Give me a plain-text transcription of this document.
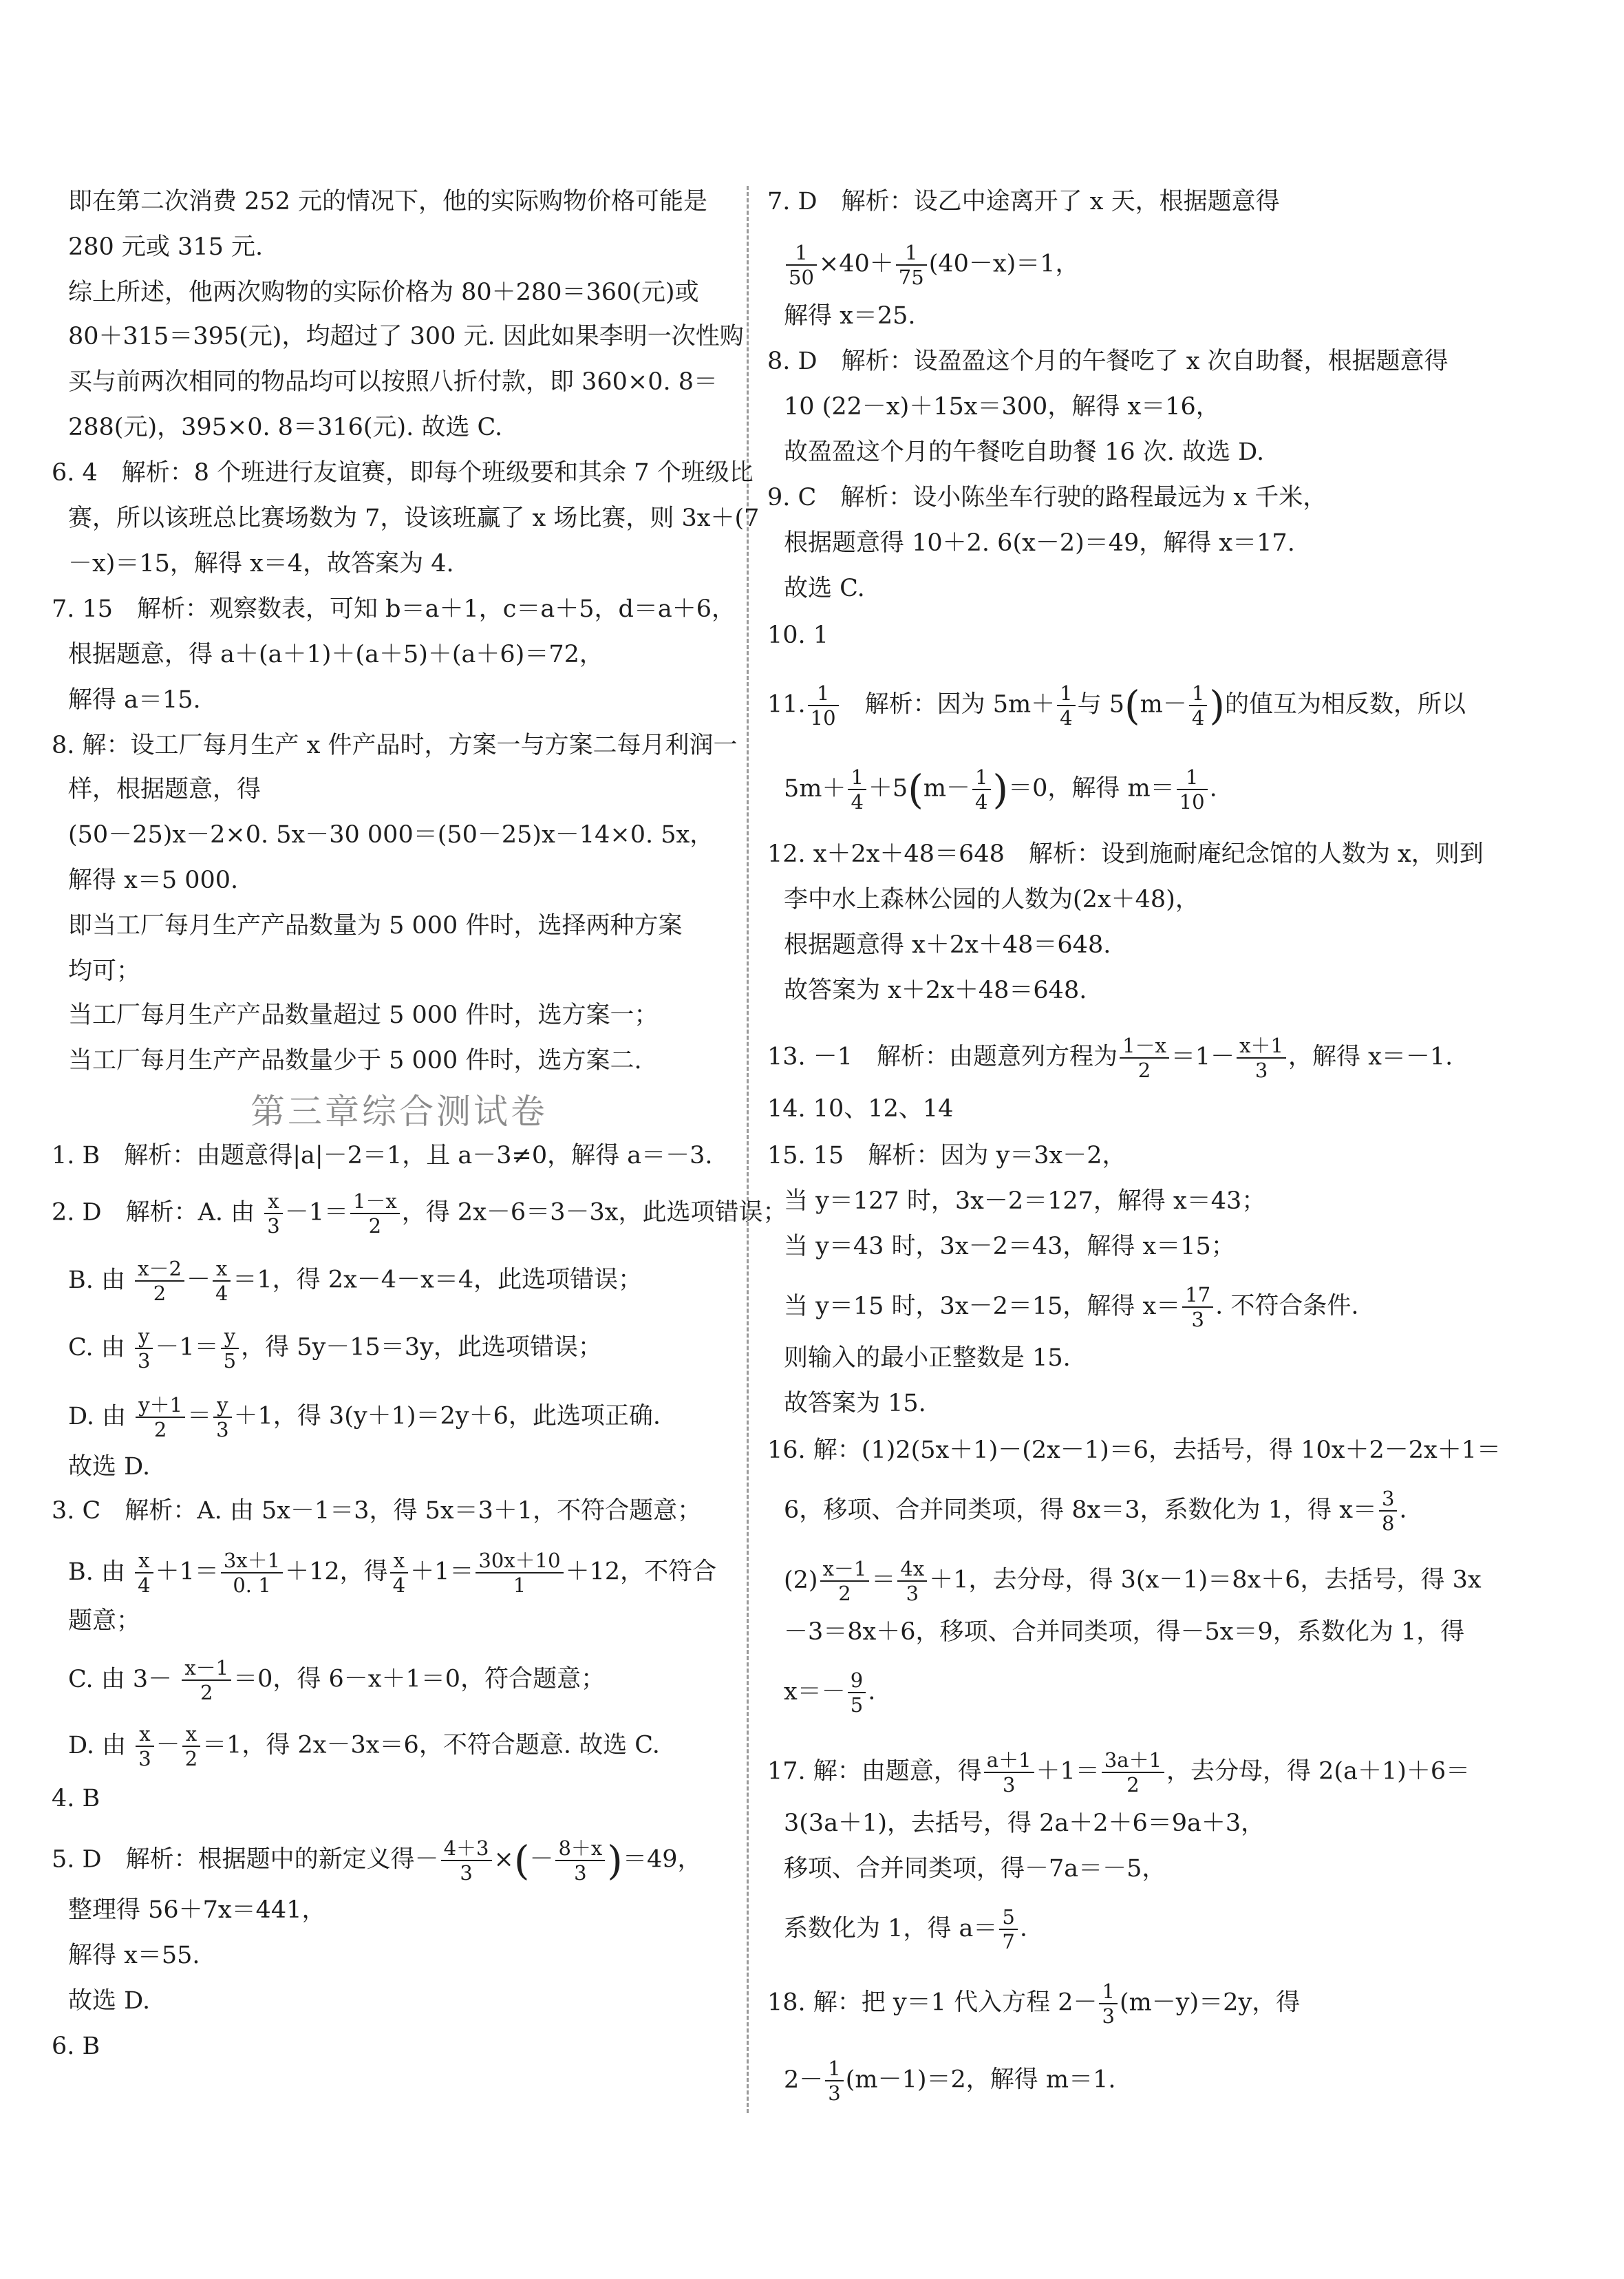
即在第二次消费 252 元的情况下，他的实际购物价格可能是
280 元或 315 元.
综上所述，他两次购物的实际价格为 80＋280＝360(元)或
80＋315＝395(元)，均超过了 300 元. 因此如果李明一次性购
买与前两次相同的物品均可以按照八折付款，即 360×0. 8＝
288(元)，395×0. 8＝316(元). 故选 C.
6. 4　解析：8 个班进行友谊赛，即每个班级要和其余 7 个班级比
赛，所以该班总比赛场数为 7，设该班赢了 x 场比赛，则 3x＋(7
－x)＝15，解得 x＝4，故答案为 4.
7. 15　解析：观察数表，可知 b＝a＋1，c＝a＋5，d＝a＋6，
根据题意，得 a＋(a＋1)＋(a＋5)＋(a＋6)＝72，
解得 a＝15.
8. 解：设工厂每月生产 x 件产品时，方案一与方案二每月利润一
样，根据题意，得
(50－25)x－2×0. 5x－30 000＝(50－25)x－14×0. 5x，
解得 x＝5 000.
即当工厂每月生产产品数量为 5 000 件时，选择两种方案
均可；
当工厂每月生产产品数量超过 5 000 件时，选方案一；
当工厂每月生产产品数量少于 5 000 件时，选方案二.
第三章综合测试卷
1. B　解析：由题意得|a|－2＝1，且 a－3≠0，解得 a＝－3.
2. D　解析：A. 由 $\frac{x}{3} -1= \frac{1-x}{2}$ ，得 2x－6＝3－3x，此选项错误；
B. 由 $\frac{x-2}{2} - \frac{x}{4} =1$，得 2x－4－x＝4，此选项错误；
C. 由 $\frac{y}{3} -1= \frac{y}{5}$ ，得 5y－15＝3y，此选项错误；
D. 由 $\frac{y+1}{2} = \frac{y}{3} +1$，得 3(y＋1)＝2y＋6，此选项正确.
故选 D.
3. C　解析：A. 由 5x－1＝3，得 5x＝3＋1，不符合题意；
B. 由 $\frac{x}{4} +1= \frac{3x+1}{0. 1} +12$，得 $\frac{x}{4} +1= \frac{30x+10}{1} +12$，不符合
题意；
C. 由 $3- \frac{x-1}{2} =0$，得 6－x＋1＝0，符合题意；
D. 由 $\frac{x}{3} - \frac{x}{2} =1$，得 2x－3x＝6，不符合题意. 故选 C.
4. B
5. D　解析：根据题中的新定义得－ $\frac{4+3}{3}$ ×(－ $\frac{8+x}{3} )=49$，
整理得 56＋7x＝441，
解得 x＝55.
故选 D.
6. B
7. D　解析：设乙中途离开了 x 天，根据题意得
$\frac{1}{50} \times 40+ \frac{1}{75} (40-x)=1$，
解得 x＝25.
8. D　解析：设盈盈这个月的午餐吃了 x 次自助餐，根据题意得
10 (22－x)＋15x＝300，解得 x＝16，
故盈盈这个月的午餐吃自助餐 16 次. 故选 D.
9. C　解析：设小陈坐车行驶的路程最远为 x 千米，
根据题意得 10＋2. 6(x－2)＝49，解得 x＝17.
故选 C.
10. 1
11. $\frac{1}{10}$ 　解析：因为 $5m+ \frac{1}{4}$ 与 $5(m- \frac{1}{4}$ )的值互为相反数，所以
$5m+ \frac{1}{4} +5(m- \frac{1}{4} )=0$，解得 $m= \frac{1}{10}$ .
12. x＋2x＋48＝648　解析：设到施耐庵纪念馆的人数为 x，则到
李中水上森林公园的人数为(2x＋48)，
根据题意得 x＋2x＋48＝648.
故答案为 x＋2x＋48＝648.
13. －1　解析：由题意列方程为 $\frac{1-x}{2} =1- \frac{x+1}{3}$ ，解得 x＝－1.
14. 10、12、14
15. 15　解析：因为 y＝3x－2，
当 y＝127 时，3x－2＝127，解得 x＝43；
当 y＝43 时，3x－2＝43，解得 x＝15；
当 y＝15 时，3x－2＝15，解得 $x= \frac{17}{3}$ . 不符合条件.
则输入的最小正整数是 15.
故答案为 15.
16. 解：(1)2(5x＋1)－(2x－1)＝6，去括号，得 10x＋2－2x＋1＝
6，移项、合并同类项，得 8x＝3，系数化为 1，得 $x= \frac{3}{8}$ .
$(2) \frac{x-1}{2} = \frac{4x}{3} +1$，去分母，得 3(x－1)＝8x＋6，去括号，得 3x
－3＝8x＋6，移项、合并同类项，得－5x＝9，系数化为 1，得
$x=- \frac{9}{5}$ .
17. 解：由题意，得 $\frac{a+1}{3} +1= \frac{3a+1}{2}$ ，去分母，得 2(a＋1)＋6＝
3(3a＋1)，去括号，得 2a＋2＋6＝9a＋3，
移项、合并同类项，得－7a＝－5，
系数化为 1，得 $a= \frac{5}{7}$ .
18. 解：把 y＝1 代入方程 $2- \frac{1}{3} (m-y)=2y$，得
$2- \frac{1}{3} (m-1)=2$，解得 m＝1.
